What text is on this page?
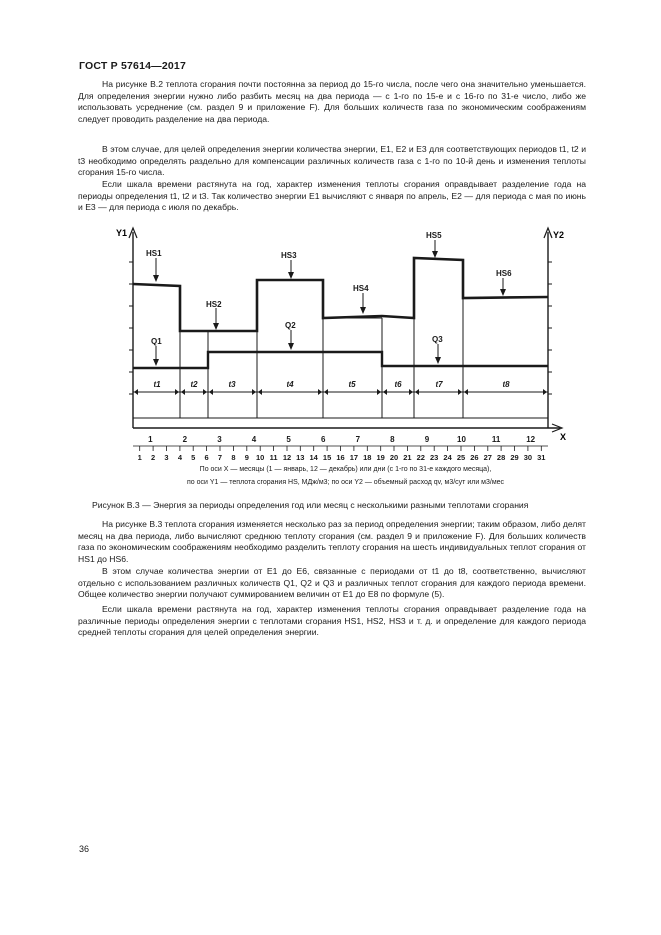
ГОСТ Р 57614—2017

На рисунке В.2 теплота сгорания почти постоянна за период до 15-го числа, после чего она значительно уменьшается. Для определения энергии нужно либо разбить месяц на два периода — с 1-го по 15-е и с 16-го по 31-е число, либо же использовать усреднение (см. раздел 9 и приложение F). Для больших количеств газа по экономическим соображениям следует проводить разделение на два периода.

В этом случае, для целей определения энергии количества энергии, E1, E2 и E3 для соответствующих периодов t1, t2 и t3 необходимо определять раздельно для компенсации различных количеств газа с 1-го по 10-й день и изменения теплоты сгорания 15-го числа.

Если шкала времени растянута на год, характер изменения теплоты сгорания оправдывает разделение года на периоды определения t1, t2 и t3. Так количество энергии E1 вычисляют с января по апрель, E2 — для периода с мая по июнь и E3 — для периода с июля по декабрь.

Y1	Y2
X
HS1
HS2
HS3
HS4
HS5
HS6
Q1
Q2
Q3
t1	t2	t3	t4	t5	t6	t7	t8
1	2	3	4	5	6	7	8	9	10	11	12
1 2 3 4 5 6 7 8 9 10 11 12 13 14 15 16 17 18 19 20 21 22 23 24 25 26 27 28 29 30 31
По оси X — месяцы (1 — январь, 12 — декабрь) или дни (с 1-го по 31-е каждого месяца),
по оси Y1 — теплота сгорания HS, МДж/м3; по оси Y2 — объемный расход qv, м3/сут или м3/мес
Рисунок В.3 — Энергия за периоды определения год или месяц с несколькими разными теплотами сгорания

На рисунке В.3 теплота сгорания изменяется несколько раз за период определения энергии; таким образом, либо делят месяц на два периода, либо вычисляют среднюю теплоту сгорания (см. раздел 9 и приложение F). Для больших количеств газа по экономическим соображениям необходимо разделить теплоту сгорания на шесть индивидуальных теплот сгорания от HS1 до HS6.

В этом случае количества энергии от E1 до E6, связанные с периодами от t1 до t8, соответственно, вычисляют отдельно с использованием различных количеств Q1, Q2 и Q3 и различных теплот сгорания для каждого периода времени. Общее количество энергии получают суммированием величин от E1 до E8 по формуле (5).

Если шкала времени растянута на год, характер изменения теплоты сгорания оправдывает разделение года на различные периоды определения энергии с теплотами сгорания HS1, HS2, HS3 и т. д. и определение для каждого периода средней теплоты сгорания для целей определения энергии.

36
